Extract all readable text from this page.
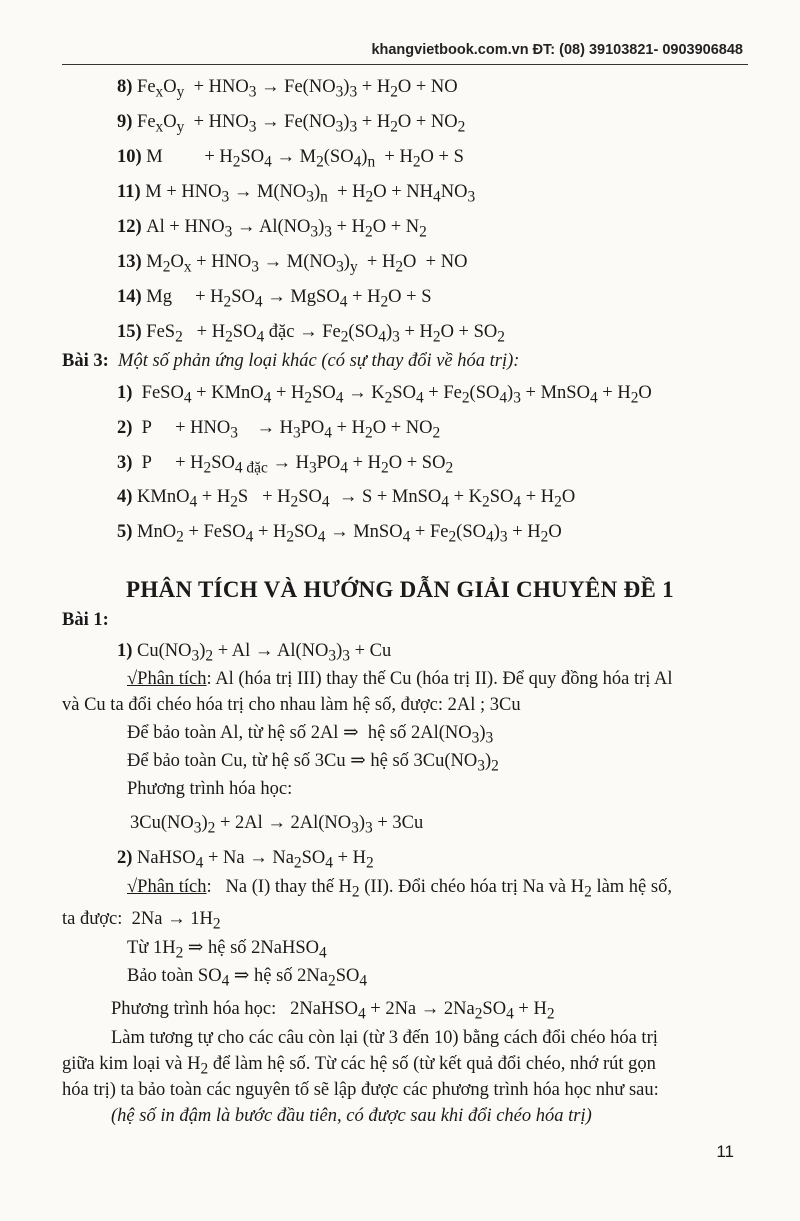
khangvietbook.com.vn ĐT: (08) 39103821- 0903906848
8) $Fe_xO_y + HNO_3 \to Fe(NO_3)_3 + H_2O$ + NO
9) $Fe_xO_y + HNO_3 \to Fe(NO_3)_3 + H_2O + NO_2$
10) M         + $H_2SO_4 \to M_2(SO_4)_n + H_2O + S$
11) $M + HNO_3 \to M(NO_3)_n + H_2O + NH_4NO_3$
12) $Al + HNO_3 \to Al(NO_3)_3 + H_2O + N_2$
13) $M_2O_x + HNO_3 \to M(NO_3)_y + H_2O$  + NO
14) Mg     + $H_2SO_4$ → MgSO$_4$ + $H_2O + S$
15) $FeS_2 + H_2SO_4$ đặc → $Fe_2(SO_4)_3 + H_2O + SO_2$
Bài 3: Một số phản ứng loại khác (có sự thay đổi về hóa trị):
1)  FeSO$_4$ + KMnO$_4$ + $H_2SO_4 \to K_2SO_4 + Fe_2(SO_4)_3$ + MnSO$_4$ + $H_2O$
2)  P     + $HNO_3$    → $H_3PO_4 + H_2O + NO_2$
3)  P     + $H_2SO_{4 đặc} \to H_3PO_4 + H_2O + SO_2$
4) KMnO$_4$ + $H_2S + H_2SO_4 \to S$ + MnSO$_4$ + $K_2SO_4 + H_2O$
5) MnO$_2$ + FeSO$_4$ + $H_2SO_4$ → MnSO$_4$ + $Fe_2(SO_4)_3 + H_2O$
PHÂN TÍCH VÀ HƯỚNG DẪN GIẢI CHUYÊN ĐỀ 1
Bài 1:
1) $Cu(NO_3)_2 + Al \to Al(NO_3)_3 + Cu$
√Phân tích: Al (hóa trị III) thay thế Cu (hóa trị II). Để quy đồng hóa trị Al
và Cu ta đổi chéo hóa trị cho nhau làm hệ số, được: 2Al ; 3Cu
Để bảo toàn Al, từ hệ số 2Al ⇒  hệ số $2Al(NO_3)_3$
Để bảo toàn Cu, từ hệ số 3Cu ⇒ hệ số $3Cu(NO_3)_2$
Phương trình hóa học:
$3Cu(NO_3)_2 + 2Al \to 2Al(NO_3)_3 + 3Cu$
2) NaHSO$_4$ + $Na \to Na_2SO_4 + H_2$
√Phân tích:   Na (I) thay thế $H_2$ (II). Đổi chéo hóa trị Na và $H_2$ làm hệ số,
ta được:  $2Na \to 1H_2$
Từ $1H_2$ ⇒ hệ số 2NaHSO$_4$
Bảo toàn $SO_4$ ⇒ hệ số $2Na_2SO_4$
Phương trình hóa học:   2NaHSO$_4$ + $2Na \to 2Na_2SO_4 + H_2$
Làm tương tự cho các câu còn lại (từ 3 đến 10) bằng cách đổi chéo hóa trị
giữa kim loại và $H_2$ để làm hệ số. Từ các hệ số (từ kết quả đổi chéo, nhớ rút gọn
hóa trị) ta bảo toàn các nguyên tố sẽ lập được các phương trình hóa học như sau:
(hệ số in đậm là bước đầu tiên, có được sau khi đổi chéo hóa trị)
11
